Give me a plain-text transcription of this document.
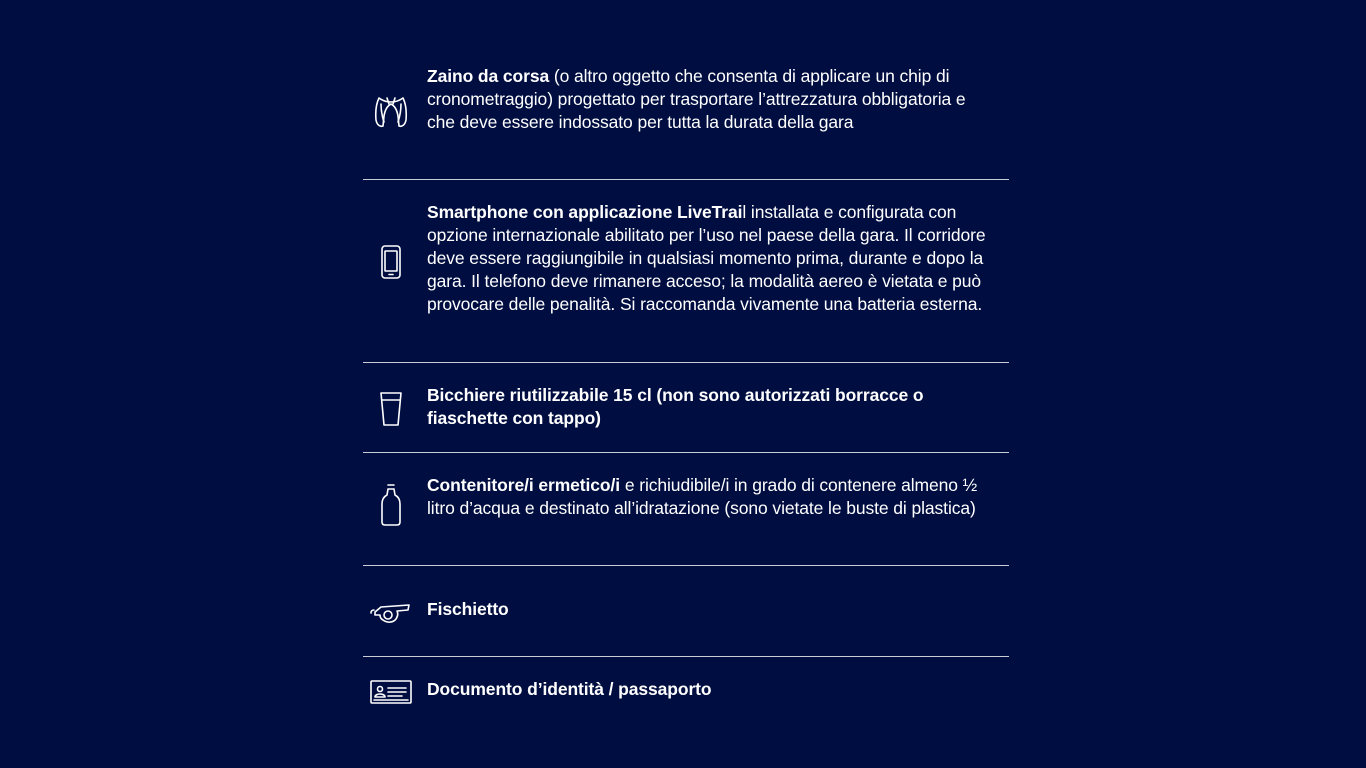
Zaino da corsa (o altro oggetto che consenta di applicare un chip di cronometraggio) progettato per trasportare l’attrezzatura obbligatoria e che deve essere indossato per tutta la durata della gara
Smartphone con applicazione LiveTrail installata e configurata con opzione internazionale abilitato per l’uso nel paese della gara. Il corridore deve essere raggiungibile in qualsiasi momento prima, durante e dopo la gara. Il telefono deve rimanere acceso; la modalità aereo è vietata e può provocare delle penalità. Si raccomanda vivamente una batteria esterna.
Bicchiere riutilizzabile 15 cl (non sono autorizzati borracce o fiaschette con tappo)
Contenitore/i ermetico/i e richiudibile/i in grado di contenere almeno ½ litro d’acqua e destinato all’idratazione (sono vietate le buste di plastica)
Fischietto
Documento d’identità / passaporto
